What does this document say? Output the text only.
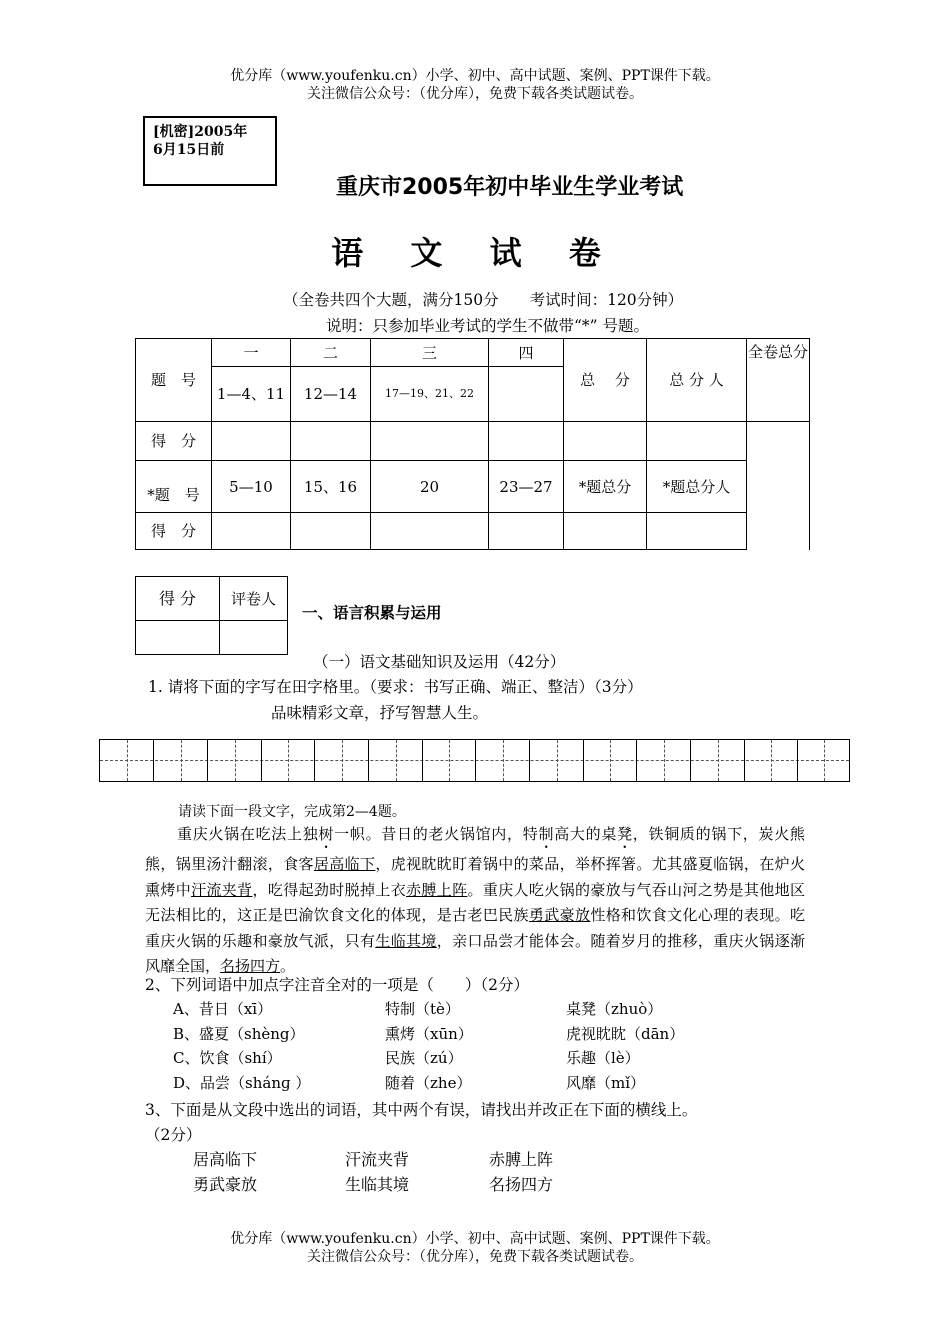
优分库（www.youfenku.cn）小学、初中、高中试题、案例、PPT课件下载。
关注微信公众号：（优分库），免费下载各类试题试卷。
[机密]2005年
6月15日前
重庆市2005年初中毕业生学业考试
语 文 试 卷
（全卷共四个大题，满分150分　　考试时间：120分钟）
说明：只参加毕业考试的学生不做带“*” 号题。
题　号	一	二	三	四	总　 分	总 分 人	全卷总分
	1—4、11	12—14	17—19、21、22				
得　分							
*题　号	5—10	15、16	20	23—27	*题总分	*题总分人	
得　分							
得 分	评卷人

一、语言积累与运用
（一）语文基础知识及运用（42分）
1. 请将下面的字写在田字格里。（要求：书写正确、端正、整洁）（3分）
品味精彩文章，抒写智慧人生。
请读下面一段文字，完成第2—4题。
重庆火锅在吃法上独树一帜。昔日的老火锅馆内，特制高大的桌凳，铁铜质的锅下，炭火熊熊，锅里汤汁翻滚，食客居高临下，虎视眈眈盯着锅中的菜品，举杯挥箸。尤其盛夏临锅，在炉火熏烤中汗流夹背，吃得起劲时脱掉上衣赤膊上阵。重庆人吃火锅的豪放与气吞山河之势是其他地区无法相比的，这正是巴渝饮食文化的体现，是古老巴民族勇武豪放性格和饮食文化心理的表现。吃重庆火锅的乐趣和豪放气派，只有生临其境，亲口品尝才能体会。随着岁月的推移，重庆火锅逐渐风靡全国，名扬四方。
2、下列词语中加点字注音全对的一项是（　　）（2分）
A、昔日（xī）	特制（tè）	桌凳（zhuò）
B、盛夏（shèng）	熏烤（xūn）	虎视眈眈（dān）
C、饮食（shí）	民族（zú）	乐趣（lè）
D、品尝（shánɡ ）	随着（zhe）	风靡（mǐ）
3、下面是从文段中选出的词语，其中两个有误，请找出并改正在下面的横线上。
（2分）
居高临下	汗流夹背	赤膊上阵
勇武豪放	生临其境	名扬四方
优分库（www.youfenku.cn）小学、初中、高中试题、案例、PPT课件下载。
关注微信公众号：（优分库），免费下载各类试题试卷。
